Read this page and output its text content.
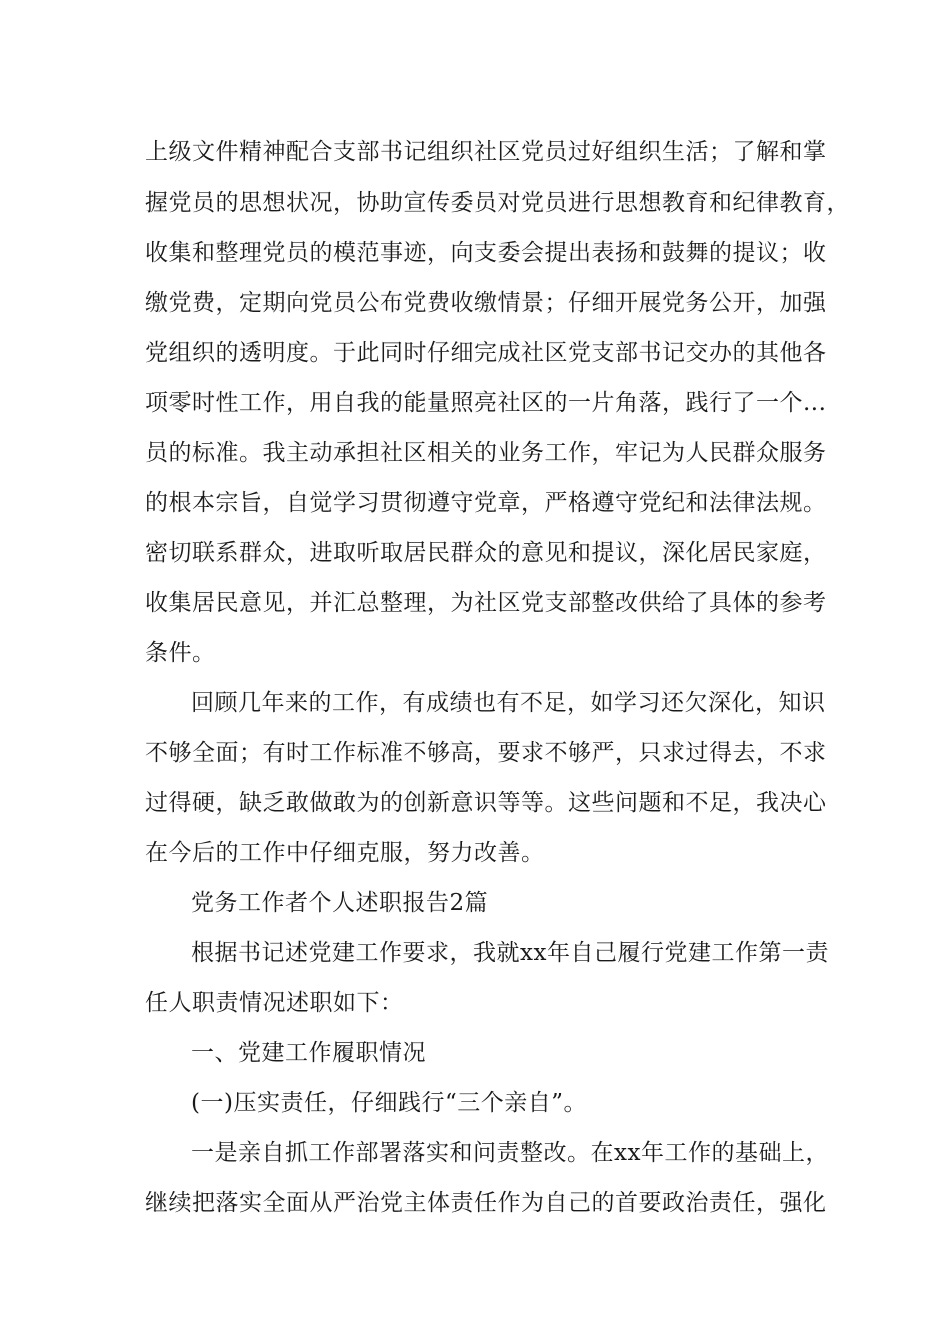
上级文件精神配合支部书记组织社区党员过好组织生活；了解和掌

握党员的思想状况，协助宣传委员对党员进行思想教育和纪律教育，

收集和整理党员的模范事迹，向支委会提出表扬和鼓舞的提议；收

缴党费，定期向党员公布党费收缴情景；仔细开展党务公开，加强

党组织的透明度。于此同时仔细完成社区党支部书记交办的其他各

项零时性工作，用自我的能量照亮社区的一片角落，践行了一个...

员的标准。我主动承担社区相关的业务工作，牢记为人民群众服务

的根本宗旨，自觉学习贯彻遵守党章，严格遵守党纪和法律法规。

密切联系群众，进取听取居民群众的意见和提议，深化居民家庭，

收集居民意见，并汇总整理，为社区党支部整改供给了具体的参考

条件。

回顾几年来的工作，有成绩也有不足，如学习还欠深化，知识

不够全面；有时工作标准不够高，要求不够严，只求过得去，不求

过得硬，缺乏敢做敢为的创新意识等等。这些问题和不足，我决心

在今后的工作中仔细克服，努力改善。

党务工作者个人述职报告2篇

根据书记述党建工作要求，我就xx年自己履行党建工作第一责

任人职责情况述职如下：

一、党建工作履职情况

(一)压实责任，仔细践行“三个亲自”。

一是亲自抓工作部署落实和问责整改。在xx年工作的基础上，

继续把落实全面从严治党主体责任作为自己的首要政治责任，强化
